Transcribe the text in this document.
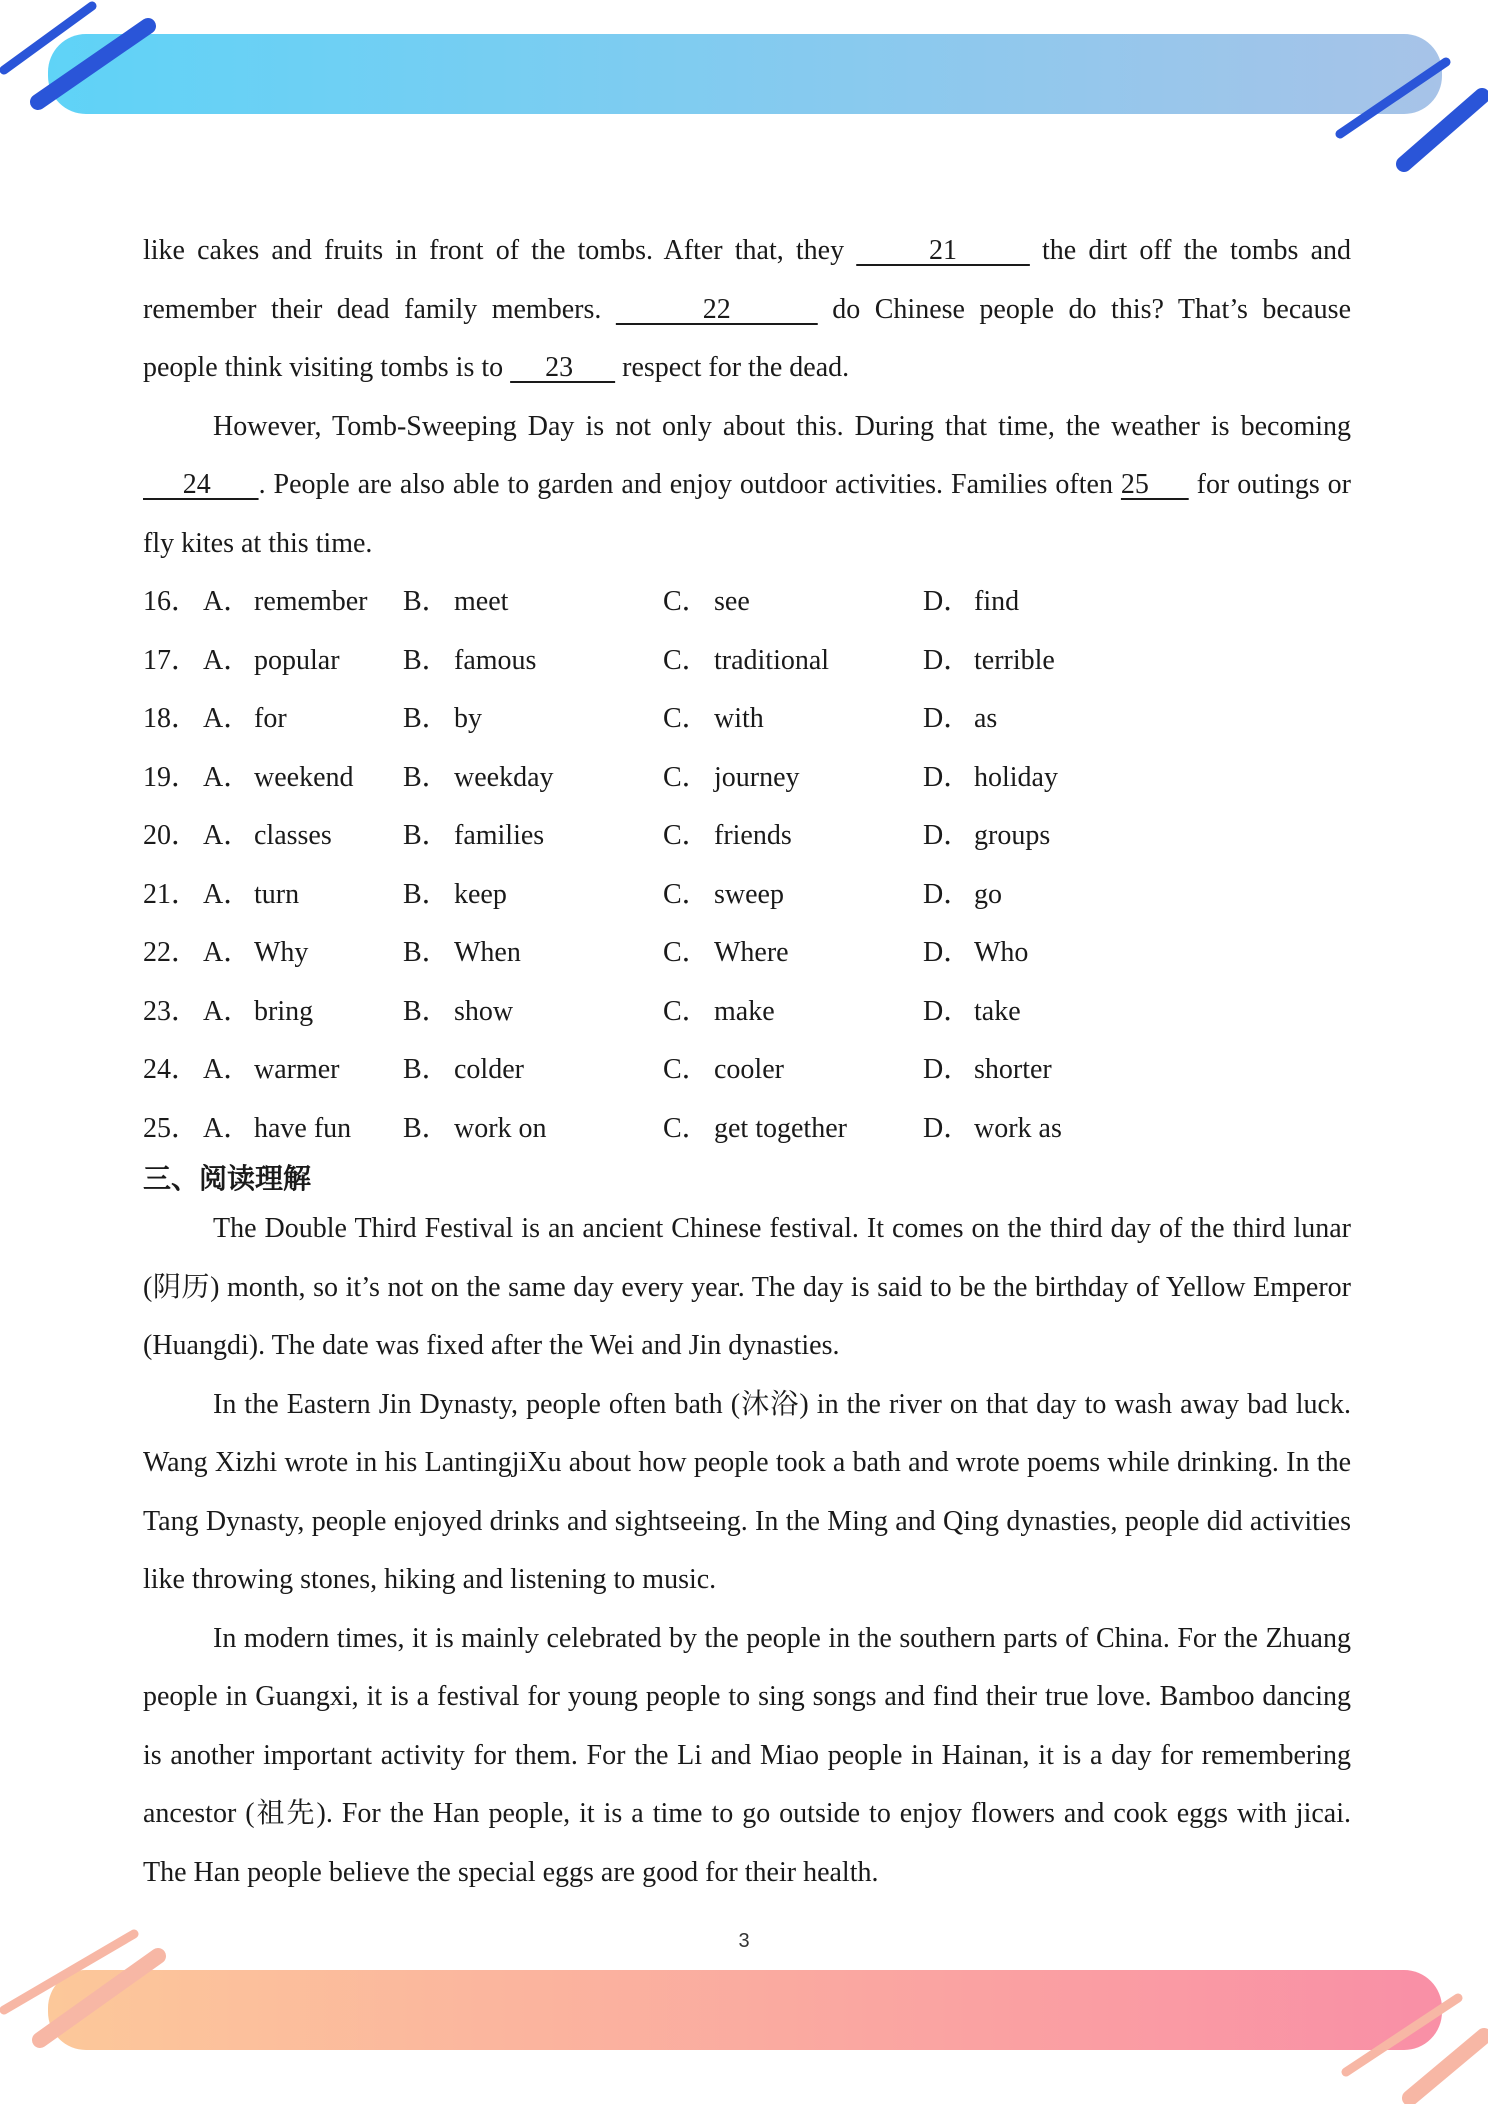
like cakes and fruits in front of the tombs. After that, they       21       the dirt off the tombs and

remember their dead family members.       22       do Chinese people do this? That’s because

people think visiting tombs is to      23       respect for the dead.

However, Tomb-Sweeping Day is not only about this. During that time, the weather is becoming      24      . People are also able to garden and enjoy outdoor activities. Families often 25      for outings or fly kites at this time.

16． A． remember B． meet	C． see	D． find
17． A． popular B． famous	C． traditional	D． terrible
18． A． for	B． by	C． with	D． as
19． A． weekend B． weekday	C． journey	D． holiday
20． A． classes	B． families	C． friends	D． groups
21． A． turn	B． keep	C． sweep	D． go
22． A． Why	B． When	C． Where	D． Who
23． A． bring	B． show	C． make	D． take
24． A． warmer B． colder	C． cooler	D． shorter
25． A． have fun B． work on	C． get together	D． work as
三、阅读理解

The Double Third Festival is an ancient Chinese festival. It comes on the third day of the third lunar (阴历) month, so it’s not on the same day every year. The day is said to be the birthday of Yellow Emperor (Huangdi). The date was fixed after the Wei and Jin dynasties.

In the Eastern Jin Dynasty, people often bath (沐浴) in the river on that day to wash away bad luck. Wang Xizhi wrote in his LantingjiXu about how people took a bath and wrote poems while drinking. In the Tang Dynasty, people enjoyed drinks and sightseeing. In the Ming and Qing dynasties, people did activities like throwing stones, hiking and listening to music.

In modern times, it is mainly celebrated by the people in the southern parts of China. For the Zhuang people in Guangxi, it is a festival for young people to sing songs and find their true love. Bamboo dancing is another important activity for them. For the Li and Miao people in Hainan, it is a day for remembering ancestor (祖先). For the Han people, it is a time to go outside to enjoy flowers and cook eggs with jicai. The Han people believe the special eggs are good for their health.

3
